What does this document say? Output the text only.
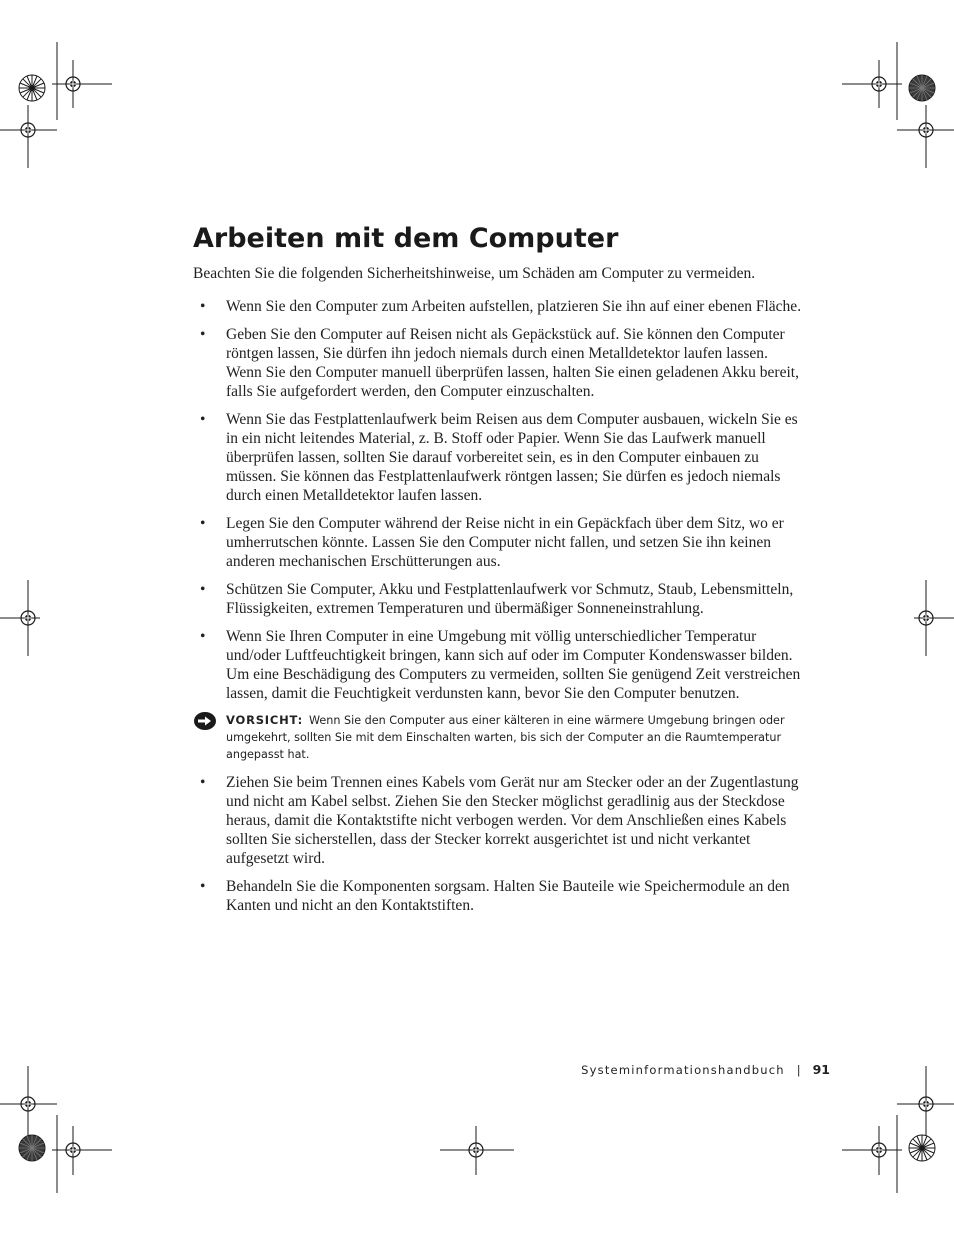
Arbeiten mit dem Computer

Beachten Sie die folgenden Sicherheitshinweise, um Schäden am Computer zu vermeiden.

• Wenn Sie den Computer zum Arbeiten aufstellen, platzieren Sie ihn auf einer ebenen Fläche.
• Geben Sie den Computer auf Reisen nicht als Gepäckstück auf. Sie können den Computer röntgen lassen, Sie dürfen ihn jedoch niemals durch einen Metalldetektor laufen lassen. Wenn Sie den Computer manuell überprüfen lassen, halten Sie einen geladenen Akku bereit, falls Sie aufgefordert werden, den Computer einzuschalten.
• Wenn Sie das Festplattenlaufwerk beim Reisen aus dem Computer ausbauen, wickeln Sie es in ein nicht leitendes Material, z. B. Stoff oder Papier. Wenn Sie das Laufwerk manuell überprüfen lassen, sollten Sie darauf vorbereitet sein, es in den Computer einbauen zu müssen. Sie können das Festplattenlaufwerk röntgen lassen; Sie dürfen es jedoch niemals durch einen Metalldetektor laufen lassen.
• Legen Sie den Computer während der Reise nicht in ein Gepäckfach über dem Sitz, wo er umherrutschen könnte. Lassen Sie den Computer nicht fallen, und setzen Sie ihn keinen anderen mechanischen Erschütterungen aus.
• Schützen Sie Computer, Akku und Festplattenlaufwerk vor Schmutz, Staub, Lebensmitteln, Flüssigkeiten, extremen Temperaturen und übermäßiger Sonneneinstrahlung.
• Wenn Sie Ihren Computer in eine Umgebung mit völlig unterschiedlicher Temperatur und/oder Luftfeuchtigkeit bringen, kann sich auf oder im Computer Kondenswasser bilden. Um eine Beschädigung des Computers zu vermeiden, sollten Sie genügend Zeit verstreichen lassen, damit die Feuchtigkeit verdunsten kann, bevor Sie den Computer benutzen.
VORSICHT: Wenn Sie den Computer aus einer kälteren in eine wärmere Umgebung bringen oder umgekehrt, sollten Sie mit dem Einschalten warten, bis sich der Computer an die Raumtemperatur angepasst hat.
• Ziehen Sie beim Trennen eines Kabels vom Gerät nur am Stecker oder an der Zugentlastung und nicht am Kabel selbst. Ziehen Sie den Stecker möglichst geradlinig aus der Steckdose heraus, damit die Kontaktstifte nicht verbogen werden. Vor dem Anschließen eines Kabels sollten Sie sicherstellen, dass der Stecker korrekt ausgerichtet ist und nicht verkantet aufgesetzt wird.
• Behandeln Sie die Komponenten sorgsam. Halten Sie Bauteile wie Speichermodule an den Kanten und nicht an den Kontaktstiften.
Systeminformationshandbuch | 91
